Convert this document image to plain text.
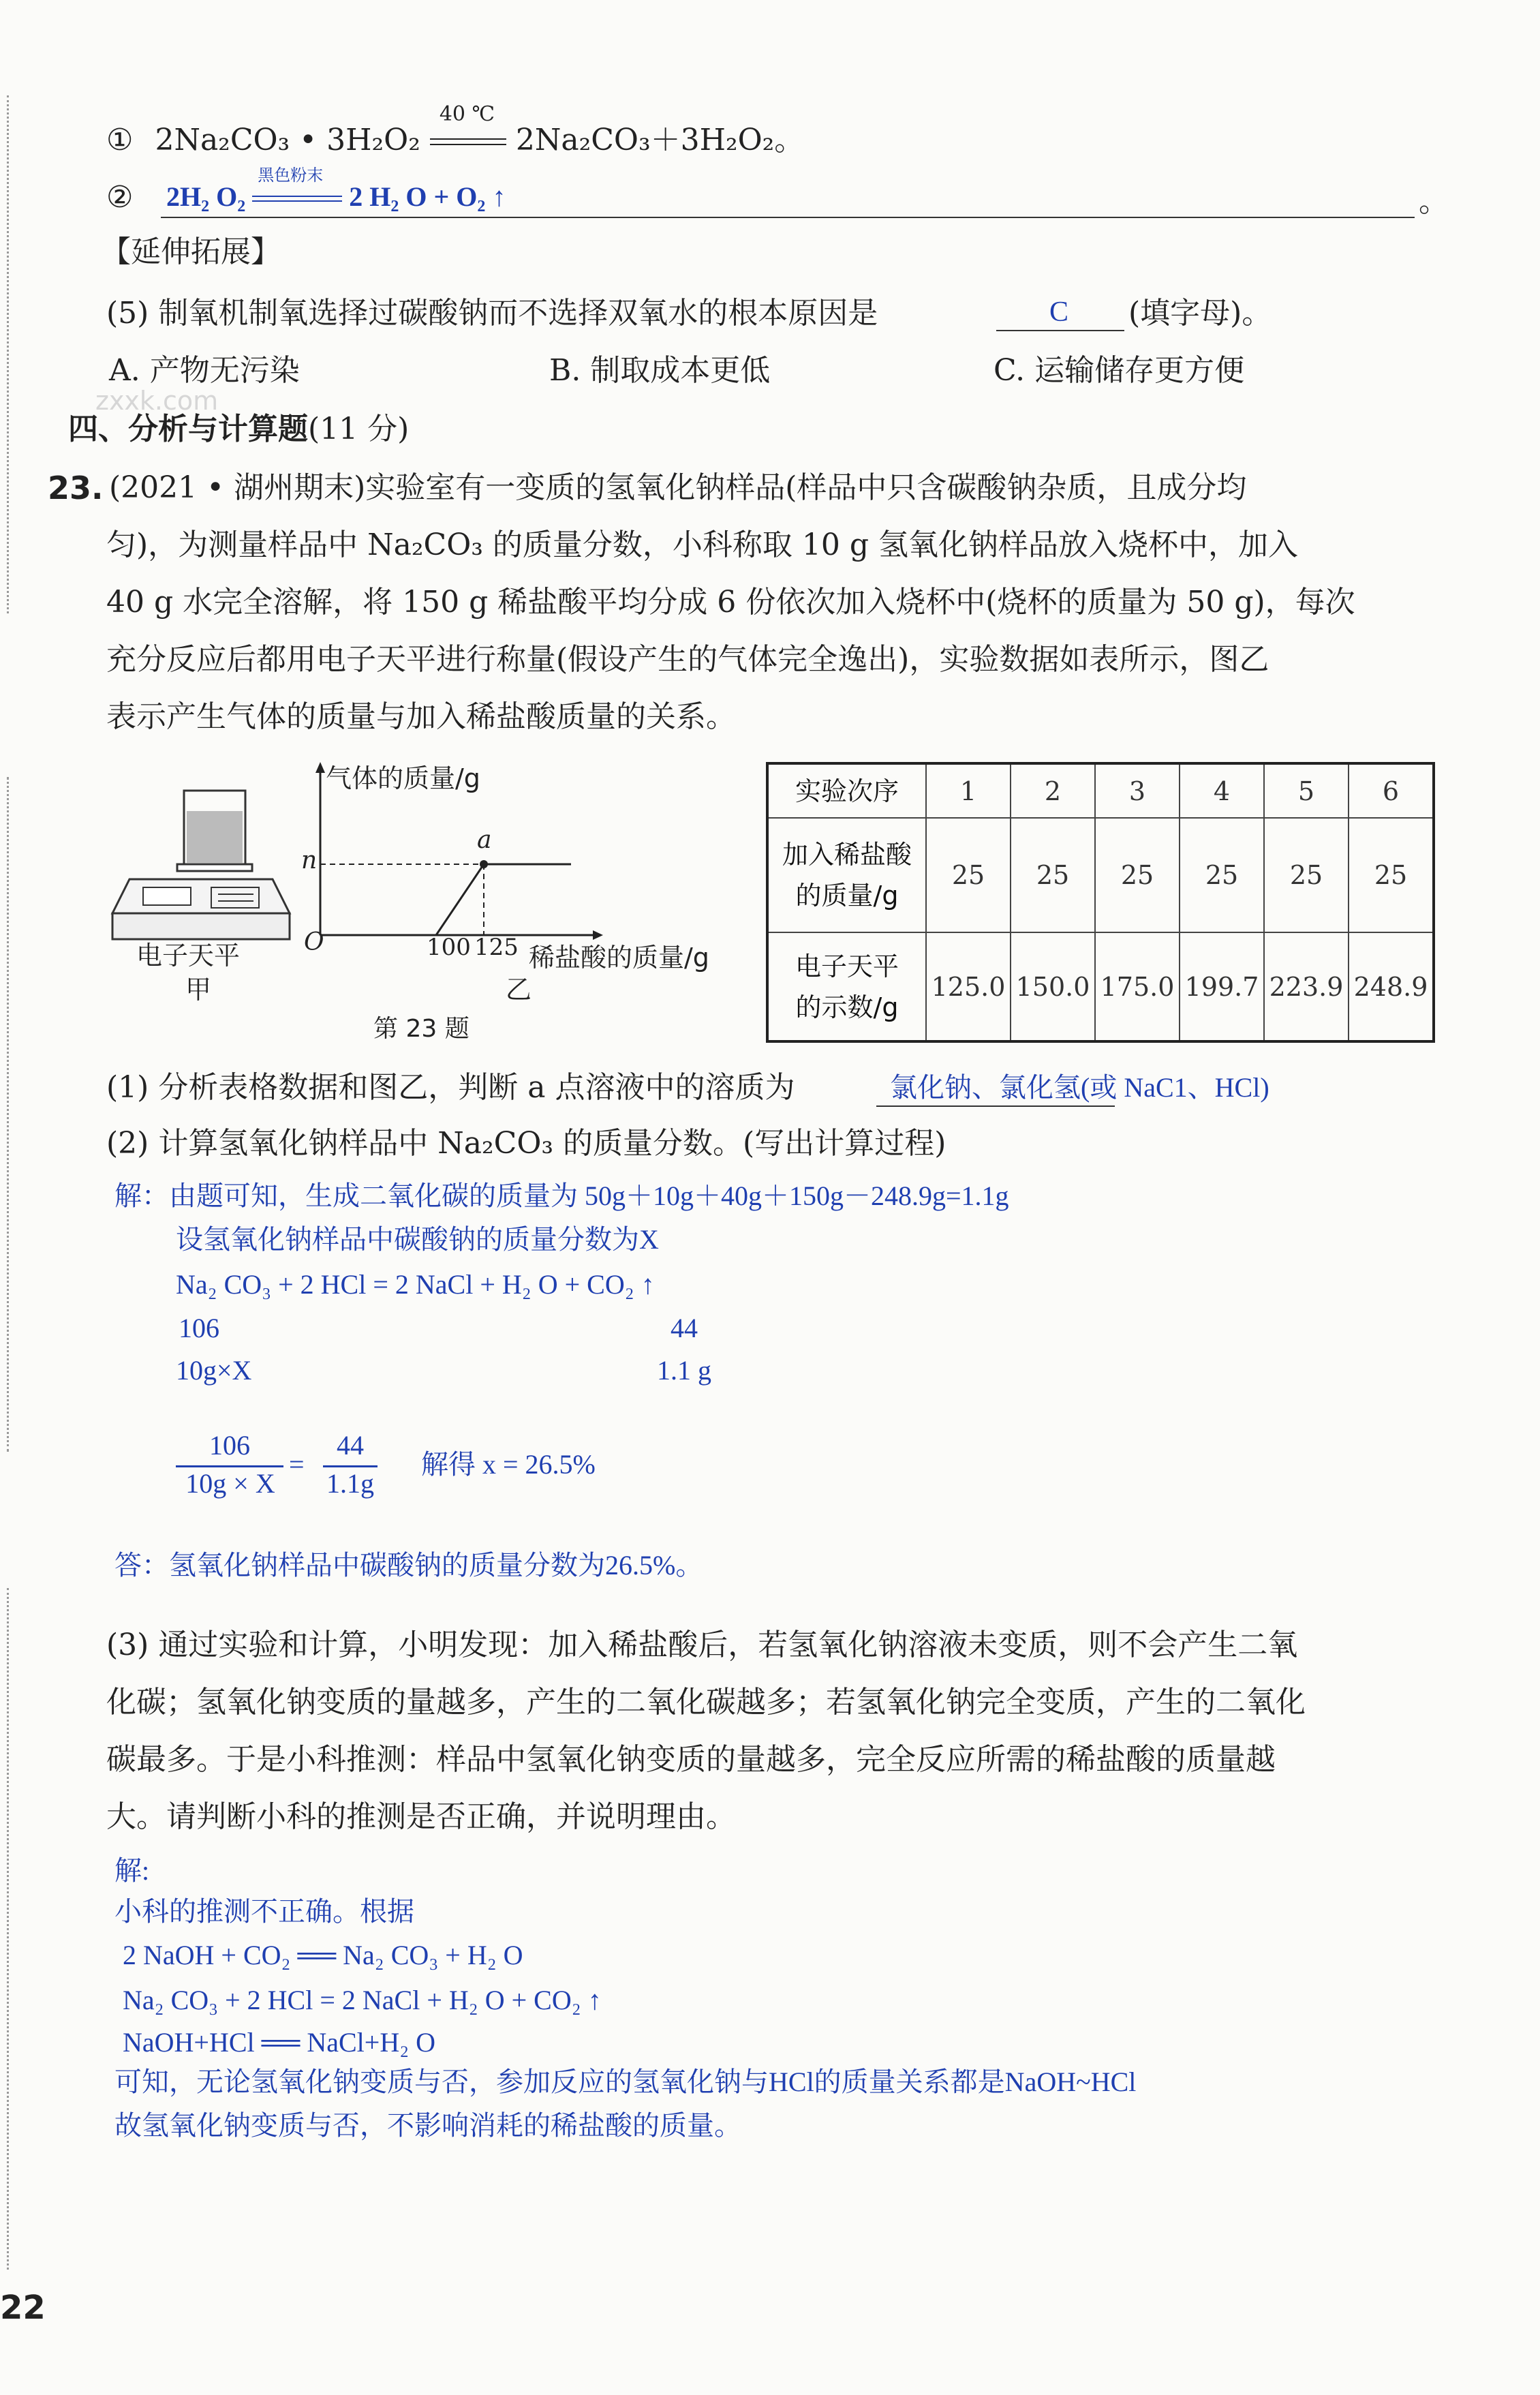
① 2Na₂CO₃ • 3H₂O₂
40 ℃
2Na₂CO₃＋3H₂O₂。
② 2H₂ O₂
黑色粉末
2 H₂ O + O₂ ↑	。
【延伸拓展】
(5) 制氧机制氧选择过碳酸钠而不选择双氧水的根本原因是	C (填字母)。
A. 产物无污染	B. 制取成本更低	C. 运输储存更方便
zxxk.com
四、分析与计算题(11 分)
23. (2021 • 湖州期末)实验室有一变质的氢氧化钠样品(样品中只含碳酸钠杂质，且成分均
匀)，为测量样品中 Na₂CO₃ 的质量分数，小科称取 10 g 氢氧化钠样品放入烧杯中，加入
40 g 水完全溶解，将 150 g 稀盐酸平均分成 6 份依次加入烧杯中(烧杯的质量为 50 g)，每次
充分反应后都用电子天平进行称量(假设产生的气体完全逸出)，实验数据如表所示，图乙
表示产生气体的质量与加入稀盐酸质量的关系。
电子天平
甲
气体的质量/g
n
a
O	100 125 稀盐酸的质量/g
乙
第 23 题
实验次序	1	2	3	4	5	6

加入稀盐酸
的质量/g	25	25	25	25	25	25

电子天平
的示数/g	125.0	150.0	175.0	199.7	223.9	248.9
(1) 分析表格数据和图乙，判断 a 点溶液中的溶质为	氯化钠、氯化氢(或 NaC1、HCl)
(2) 计算氢氧化钠样品中 Na₂CO₃ 的质量分数。(写出计算过程)
解：由题可知，生成二氧化碳的质量为 50g＋10g＋40g＋150g－248.9g=1.1g
设氢氧化钠样品中碳酸钠的质量分数为X
Na₂ CO₃ + 2 HCl = 2 NaCl + H₂ O + CO₂ ↑
106	44
10g×X	1.1 g
106
10g × X
=
44
1.1g
解得 x = 26.5%
答：氢氧化钠样品中碳酸钠的质量分数为26.5%。
(3) 通过实验和计算，小明发现：加入稀盐酸后，若氢氧化钠溶液未变质，则不会产生二氧
化碳；氢氧化钠变质的量越多，产生的二氧化碳越多；若氢氧化钠完全变质，产生的二氧化
碳最多。于是小科推测：样品中氢氧化钠变质的量越多，完全反应所需的稀盐酸的质量越
大。请判断小科的推测是否正确，并说明理由。
解:
小科的推测不正确。根据
2 NaOH + CO₂ ══ Na₂ CO₃ + H₂ O
Na₂ CO₃ + 2 HCl = 2 NaCl + H₂ O + CO₂ ↑
NaOH+HCl ══ NaCl+H₂ O
可知，无论氢氧化钠变质与否，参加反应的氢氧化钠与HCl的质量关系都是NaOH~HCl
故氢氧化钠变质与否，不影响消耗的稀盐酸的质量。
22
